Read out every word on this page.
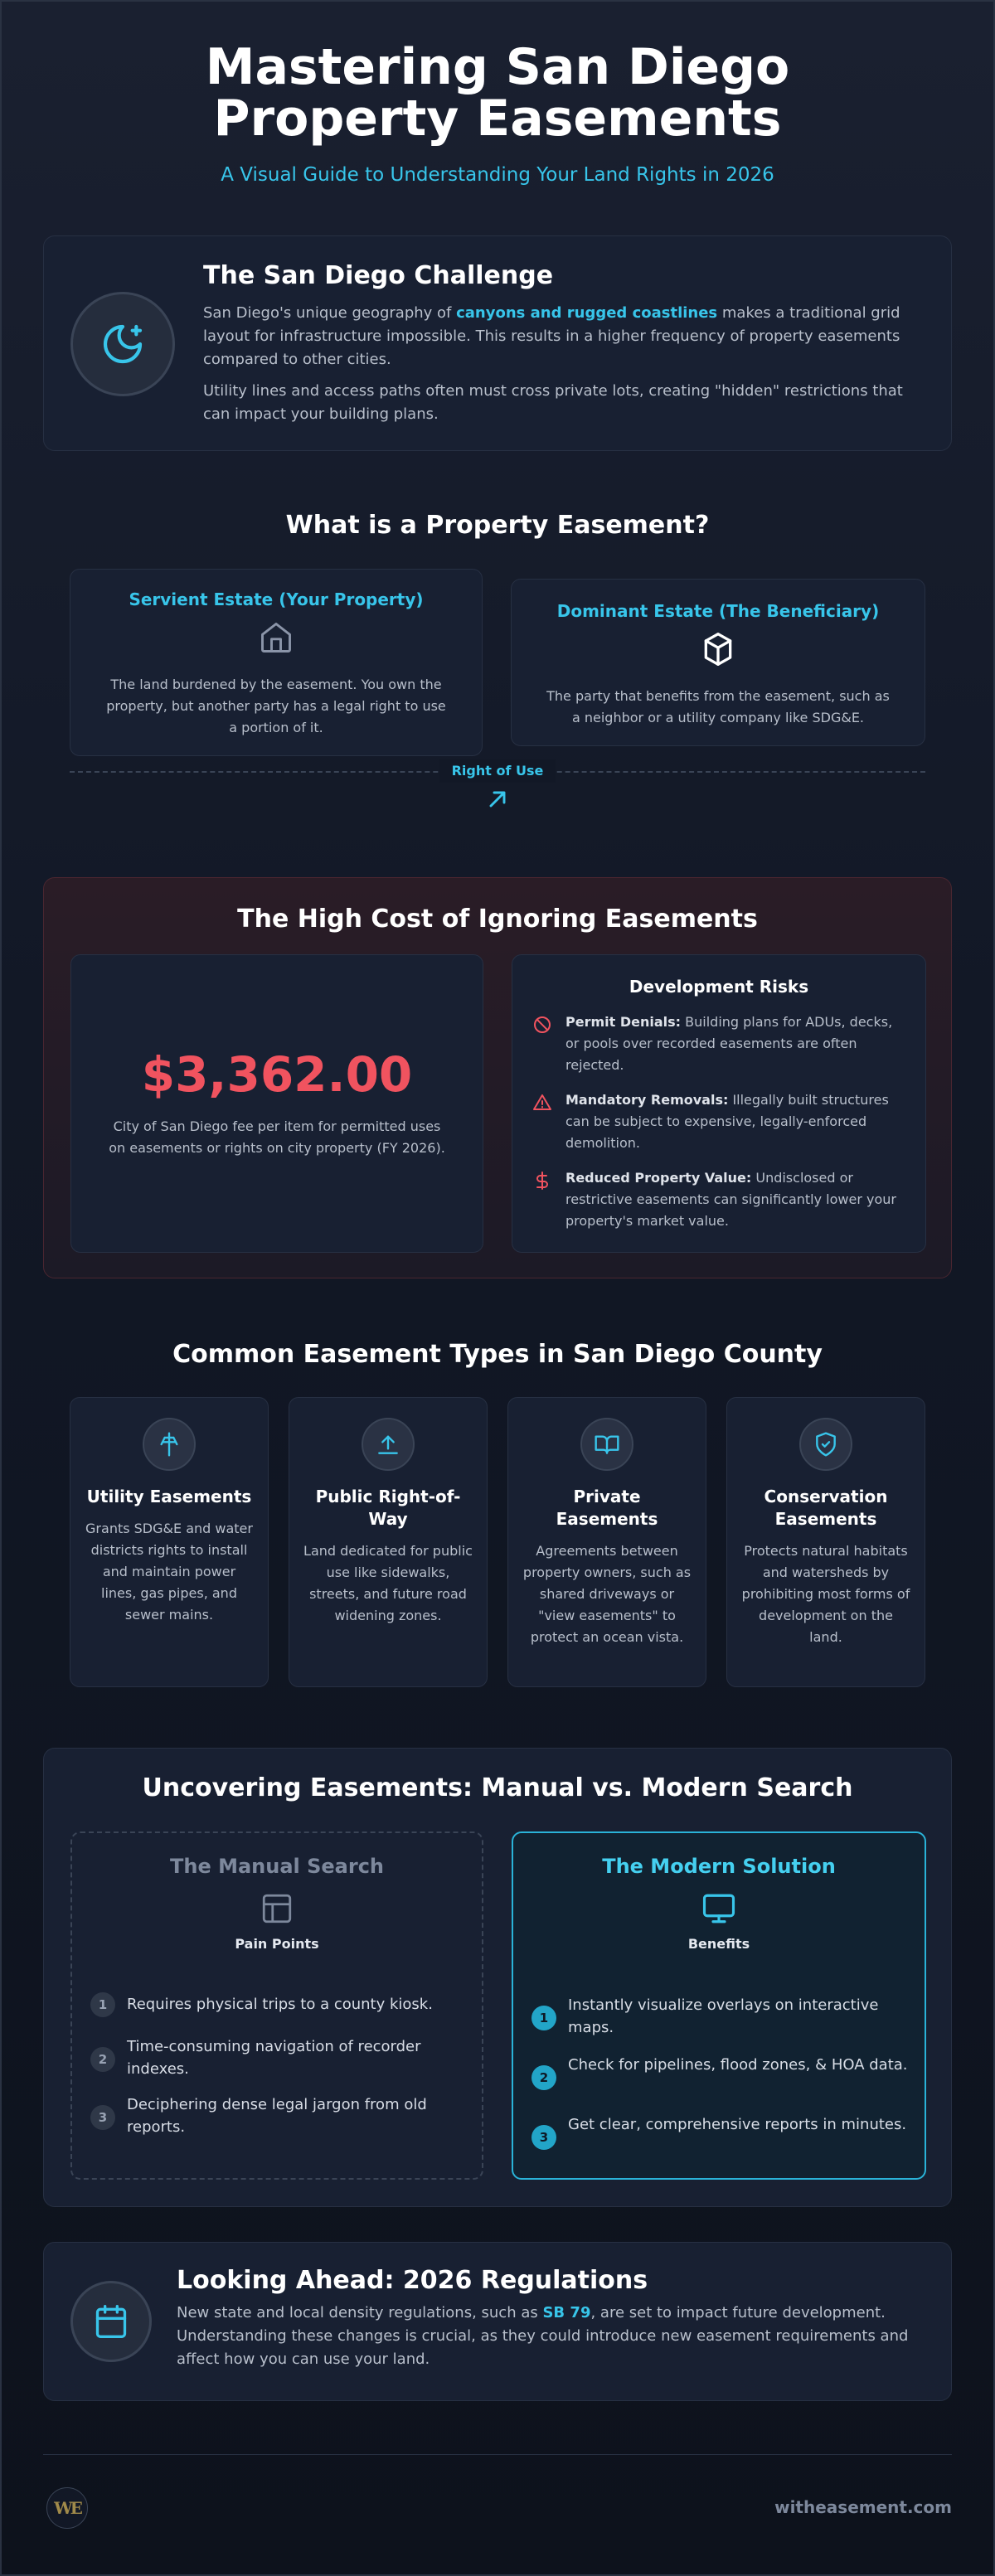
Mastering San Diego Property Easements
A Visual Guide to Understanding Your Land Rights in 2026
The San Diego Challenge

San Diego's unique geography of canyons and rugged coastlines makes a traditional grid layout for infrastructure impossible. This results in a higher frequency of property easements compared to other cities.

Utility lines and access paths often must cross private lots, creating "hidden" restrictions that can impact your building plans.

What is a Property Easement?
Servient Estate (Your Property)

The land burdened by the easement. You own the property, but another party has a legal right to use a portion of it.

Dominant Estate (The Beneficiary)

The party that benefits from the easement, such as a neighbor or a utility company like SDG&E.

Right of Use
The High Cost of Ignoring Easements
$3,362.00

City of San Diego fee per item for permitted uses on easements or rights on city property (FY 2026).

Development Risks
Permit Denials: Building plans for ADUs, decks, or pools over recorded easements are often rejected.
Mandatory Removals: Illegally built structures can be subject to expensive, legally-enforced demolition.
Reduced Property Value: Undisclosed or restrictive easements can significantly lower your property's market value.
Common Easement Types in San Diego County
Utility Easements

Grants SDG&E and water districts rights to install and maintain power lines, gas pipes, and sewer mains.

Public Right-of-Way

Land dedicated for public use like sidewalks, streets, and future road widening zones.

Private Easements

Agreements between property owners, such as shared driveways or "view easements" to protect an ocean vista.

Conservation Easements

Protects natural habitats and watersheds by prohibiting most forms of development on the land.

Uncovering Easements: Manual vs. Modern Search
The Manual Search
Pain Points
1	Requires physical trips to a county kiosk.
2
Time-consuming navigation of recorder indexes.
3
Deciphering dense legal jargon from old reports.
The Modern Solution
Benefits
1
Instantly visualize overlays on interactive maps.
2
Check for pipelines, flood zones, & HOA data.
3
Get clear, comprehensive reports in minutes.
Looking Ahead: 2026 Regulations

New state and local density regulations, such as SB 79, are set to impact future development. Understanding these changes is crucial, as they could introduce new easement requirements and affect how you can use your land.

WE	witheasement.com
